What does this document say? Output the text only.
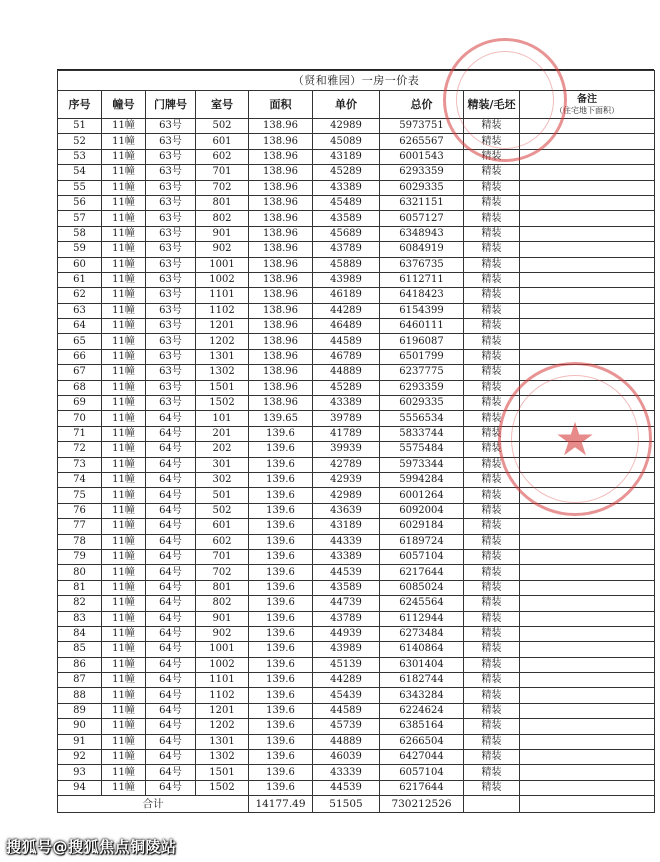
（贤和雅园）一房一价表								
序号	幢号	门牌号	室号	面积	单价	总价	精装/毛坯	备注
（住宅地下面积）

51	11幢	63号	502	138.96	42989	5973751	精装	
52	11幢	63号	601	138.96	45089	6265567	精装	
53	11幢	63号	602	138.96	43189	6001543	精装	
54	11幢	63号	701	138.96	45289	6293359	精装	
55	11幢	63号	702	138.96	43389	6029335	精装	
56	11幢	63号	801	138.96	45489	6321151	精装	
57	11幢	63号	802	138.96	43589	6057127	精装	
58	11幢	63号	901	138.96	45689	6348943	精装	
59	11幢	63号	902	138.96	43789	6084919	精装	
60	11幢	63号	1001	138.96	45889	6376735	精装	
61	11幢	63号	1002	138.96	43989	6112711	精装	
62	11幢	63号	1101	138.96	46189	6418423	精装	
63	11幢	63号	1102	138.96	44289	6154399	精装	
64	11幢	63号	1201	138.96	46489	6460111	精装	
65	11幢	63号	1202	138.96	44589	6196087	精装	
66	11幢	63号	1301	138.96	46789	6501799	精装	
67	11幢	63号	1302	138.96	44889	6237775	精装	
68	11幢	63号	1501	138.96	45289	6293359	精装	
69	11幢	63号	1502	138.96	43389	6029335	精装	
70	11幢	64号	101	139.65	39789	5556534	精装	
71	11幢	64号	201	139.6	41789	5833744	精装	
72	11幢	64号	202	139.6	39939	5575484	精装	
73	11幢	64号	301	139.6	42789	5973344	精装	
74	11幢	64号	302	139.6	42939	5994284	精装	
75	11幢	64号	501	139.6	42989	6001264	精装	
76	11幢	64号	502	139.6	43639	6092004	精装	
77	11幢	64号	601	139.6	43189	6029184	精装	
78	11幢	64号	602	139.6	44339	6189724	精装	
79	11幢	64号	701	139.6	43389	6057104	精装	
80	11幢	64号	702	139.6	44539	6217644	精装	
81	11幢	64号	801	139.6	43589	6085024	精装	
82	11幢	64号	802	139.6	44739	6245564	精装	
83	11幢	64号	901	139.6	43789	6112944	精装	
84	11幢	64号	902	139.6	44939	6273484	精装	
85	11幢	64号	1001	139.6	43989	6140864	精装	
86	11幢	64号	1002	139.6	45139	6301404	精装	
87	11幢	64号	1101	139.6	44289	6182744	精装	
88	11幢	64号	1102	139.6	45439	6343284	精装	
89	11幢	64号	1201	139.6	44589	6224624	精装	
90	11幢	64号	1202	139.6	45739	6385164	精装	
91	11幢	64号	1301	139.6	44889	6266504	精装	
92	11幢	64号	1302	139.6	46039	6427044	精装	
93	11幢	64号	1501	139.6	43339	6057104	精装	
94	11幢	64号	1502	139.6	44539	6217644	精装	
合计				14177.49	51505	730212526		
★
搜狐号@搜狐焦点铜陵站
